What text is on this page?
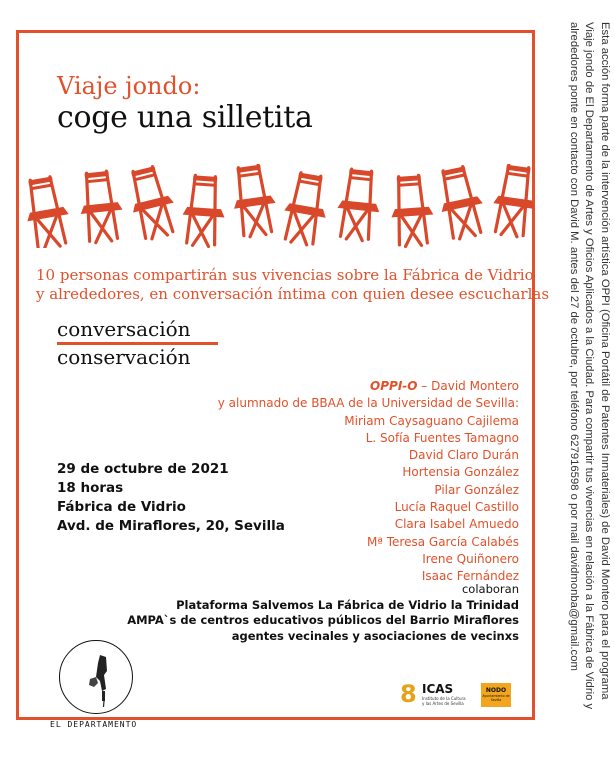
Viaje jondo:
coge una silletita
10 personas compartirán sus vivencias sobre la Fábrica de Vidrio
y alrededores, en conversación íntima con quien desee escucharlas
conversación
conservación
OPPI-O – David Montero
y alumnado de BBAA de la Universidad de Sevilla:
Miriam Caysaguano Cajilema
L. Sofía Fuentes Tamagno
David Claro Durán
Hortensia González
Pilar González
Lucía Raquel Castillo
Clara Isabel Amuedo
Mª Teresa García Calabés
Irene Quiñonero
Isaac Fernández
29 de octubre de 2021
18 horas
Fábrica de Vidrio
Avd. de Miraflores, 20, Sevilla
colaboran
Plataforma Salvemos La Fábrica de Vidrio la Trinidad
AMPA`s de centros educativos públicos del Barrio Miraflores
agentes vecinales y asociaciones de vecinxs
EL DEPARTAMENTO
8 ICAS
Instituto de la Cultura y las Artes de Sevilla
NODO
Ayuntamiento de Sevilla
Esta acción forma parte de la intervención artística OPPI (Oficina Portátil de Patentes Inmateriales) de David Montero para el programa
Viaje jondo de El Departamento de Artes y Oficios Aplicados a la Ciudad. Para compartir tus vivencias en relación a la Fábrica de Vidrio y
alrededores ponte en contacto con David M. antes del 27 de octubre, por teléfono 627916598 o por mail davidmonba@gmail.com
